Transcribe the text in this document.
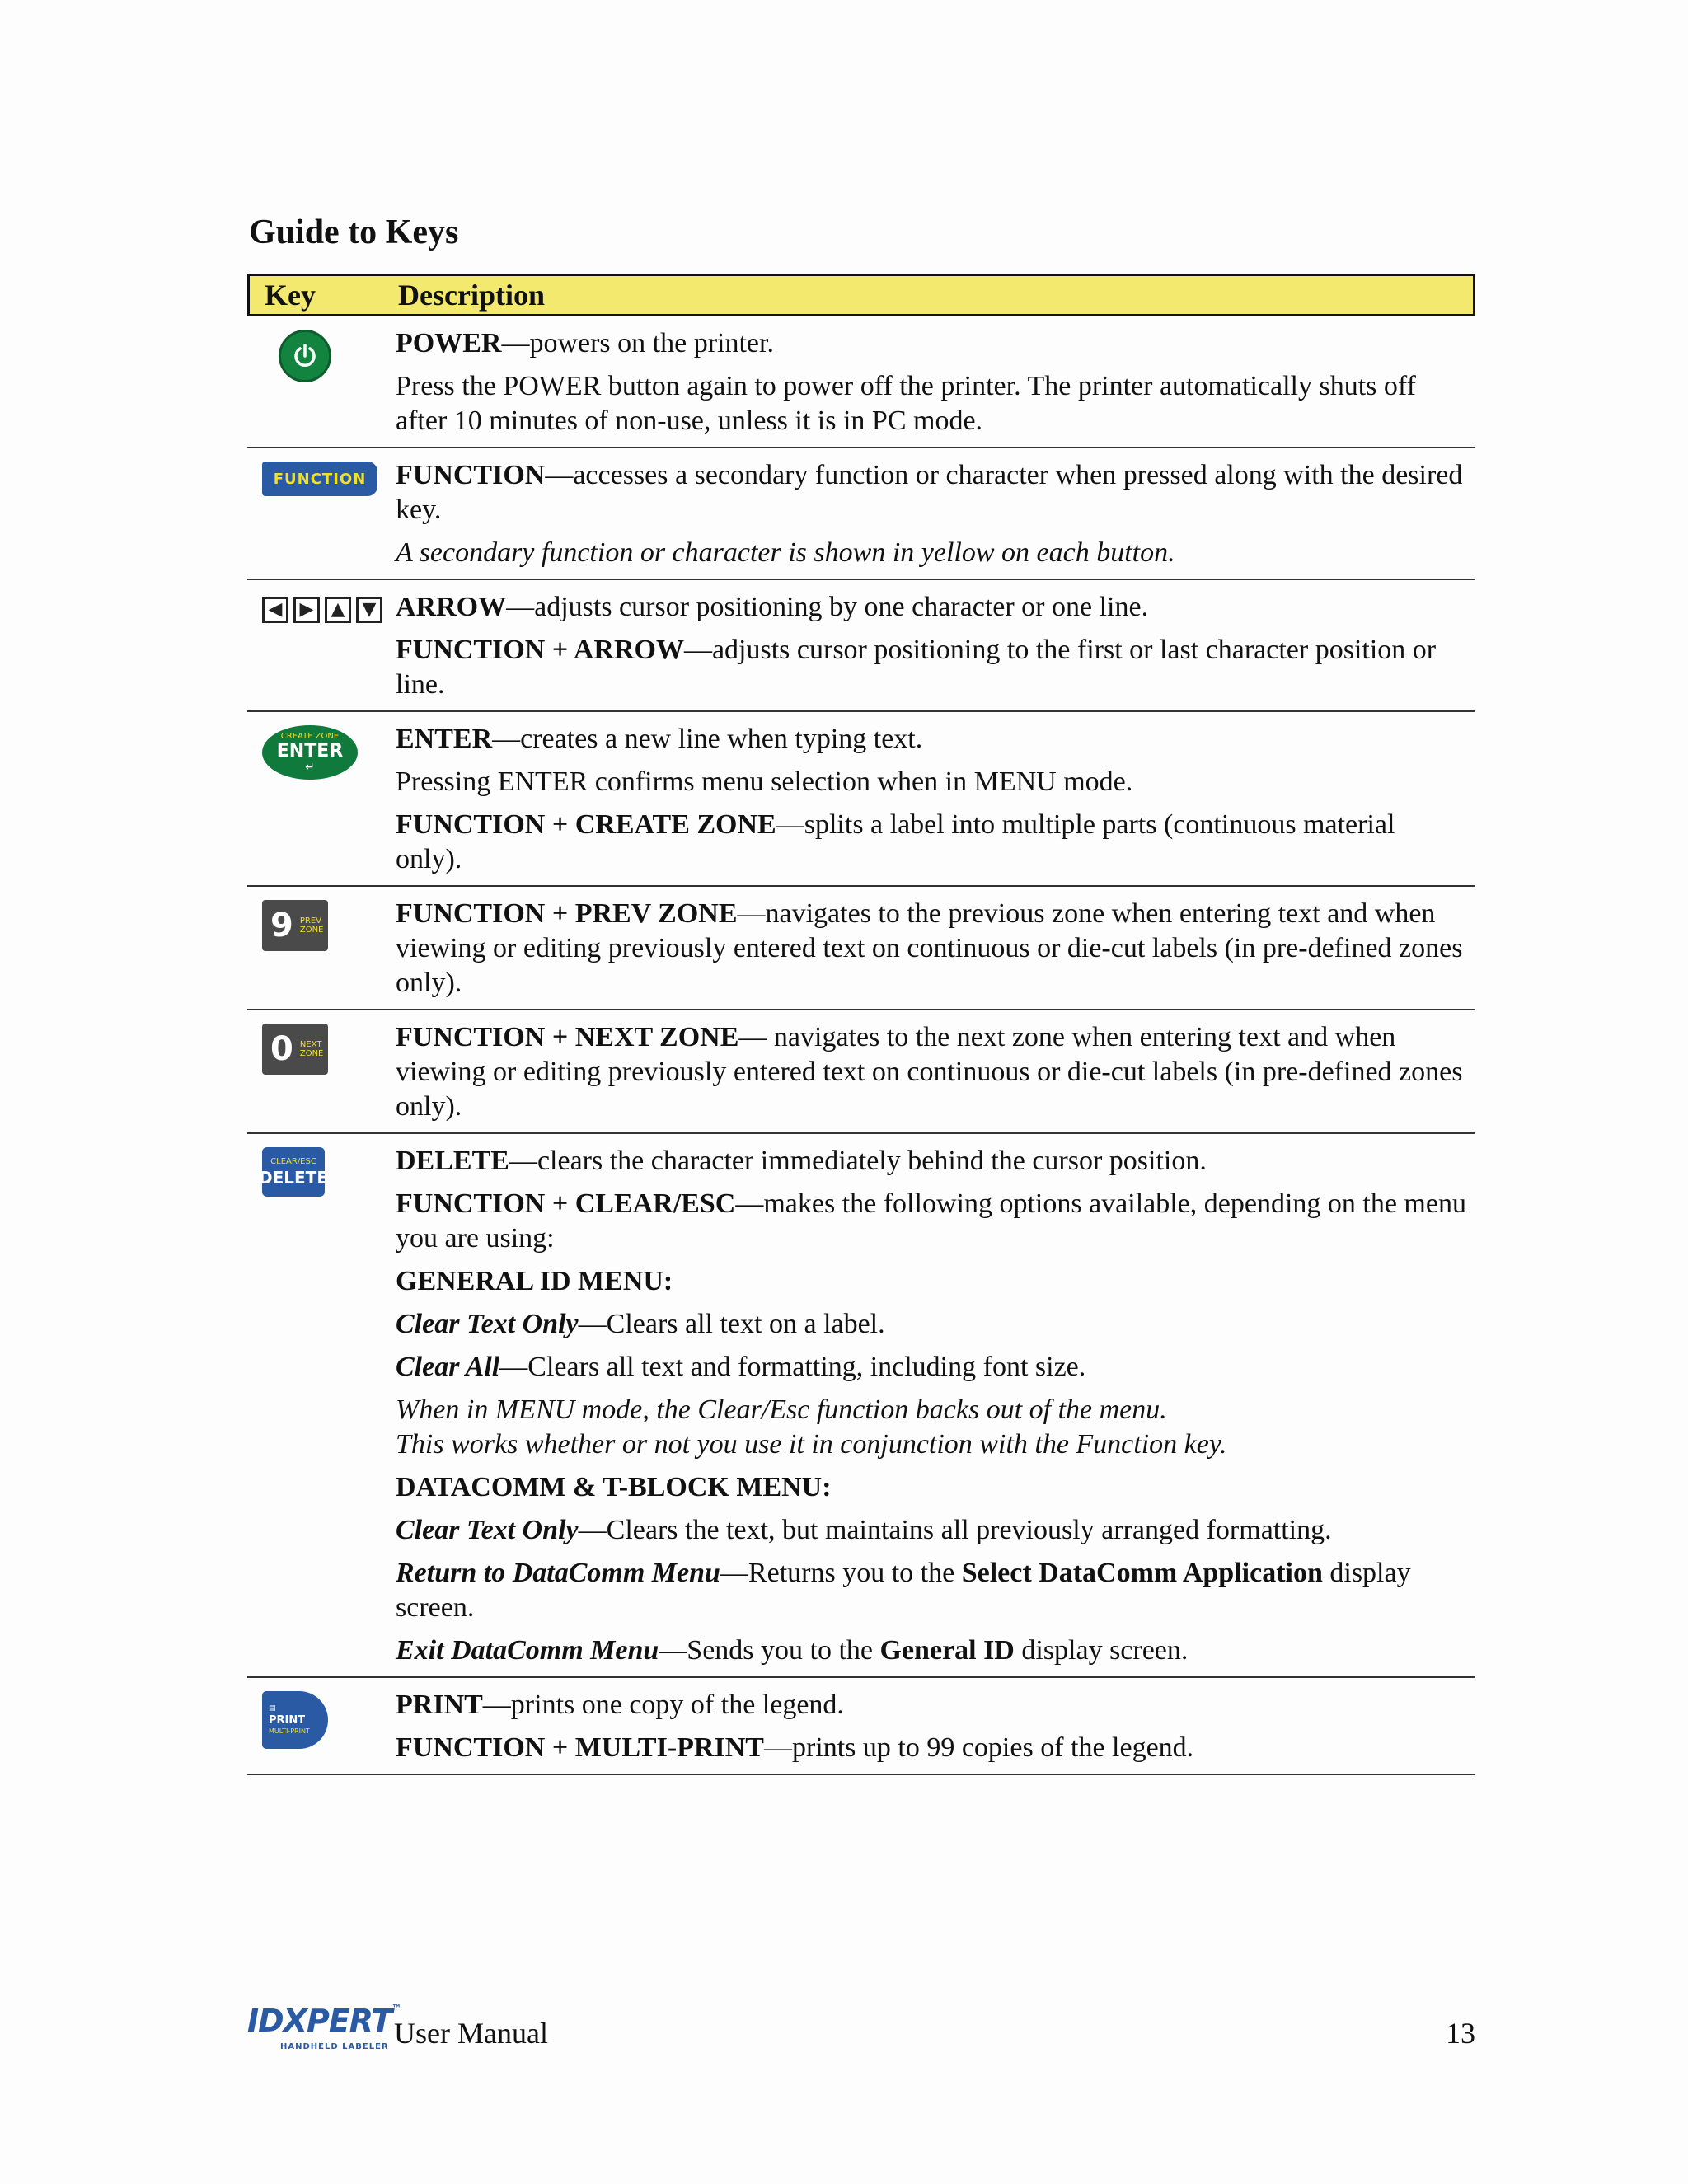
Guide to Keys
Key	Description

POWER—powers on the printer.

Press the POWER button again to power off the printer. The printer automatically shuts off after 10 minutes of non-use, unless it is in PC mode.

FUNCTION FUNCTION—accesses a secondary function or character when pressed along with the desired key.

A secondary function or character is shown in yellow on each button.

◀ ▶ ▲ ▼ ARROW—adjusts cursor positioning by one character or one line.

FUNCTION + ARROW—adjusts cursor positioning to the first or last character position or line.

CREATE ZONE
ENTER
↵

ENTER—creates a new line when typing text.

Pressing ENTER confirms menu selection when in MENU mode.

FUNCTION + CREATE ZONE—splits a label into multiple parts (continuous material only).

9 PREV ZONE

FUNCTION + PREV ZONE—navigates to the previous zone when entering text and when viewing or editing previously entered text on continuous or die-cut labels (in pre-defined zones only).

0 NEXT ZONE

FUNCTION + NEXT ZONE— navigates to the next zone when entering text and when viewing or editing previously entered text on continuous or die-cut labels (in pre-defined zones only).

CLEAR/ESC
DELETE

DELETE—clears the character immediately behind the cursor position.

FUNCTION + CLEAR/ESC—makes the following options available, depending on the menu you are using:

GENERAL ID MENU:

Clear Text Only—Clears all text on a label.

Clear All—Clears all text and formatting, including font size.

When in MENU mode, the Clear/Esc function backs out of the menu.
This works whether or not you use it in conjunction with the Function key.

DATACOMM & T-BLOCK MENU:

Clear Text Only—Clears the text, but maintains all previously arranged formatting.

Return to DataComm Menu—Returns you to the Select DataComm Application display screen.

Exit DataComm Menu—Sends you to the General ID display screen.

▤
PRINT
MULTI-PRINT

PRINT—prints one copy of the legend.

FUNCTION + MULTI-PRINT—prints up to 99 copies of the legend.

IDXPERT™
HANDHELD LABELER User Manual	13
